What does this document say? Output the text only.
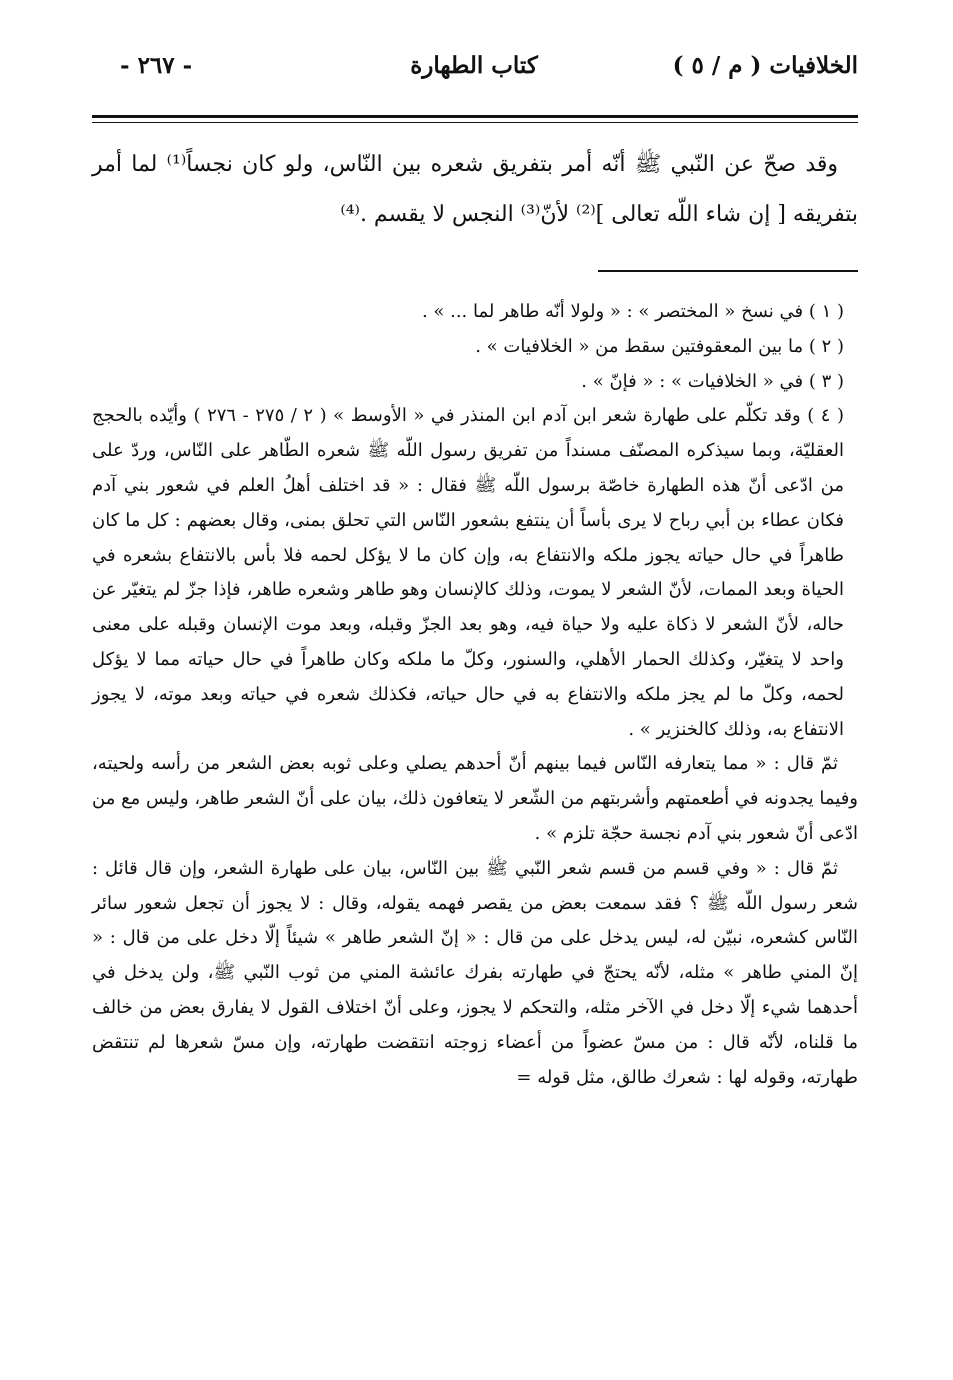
الخلافيات ( م / ٥ )
كتاب الطهارة
- ٢٦٧ -

وقد صحّ عن النّبي ﷺ أنّه أمر بتفريق شعره بين النّاس، ولو كان نجساً⁽¹⁾ لما أمر بتفريقه [ إن شاء اللّه تعالى ]⁽²⁾ لأنّ⁽³⁾ النجس لا يقسم .⁽⁴⁾

( ١ ) في نسخ « المختصر » : « ولولا أنّه طاهر لما ... » .

( ٢ ) ما بين المعقوفتين سقط من « الخلافيات » .

( ٣ ) في « الخلافيات » : « فإنّ » .

( ٤ ) وقد تكلّم على طهارة شعر ابن آدم ابن المنذر في « الأوسط » ( ٢ / ٢٧٥ - ٢٧٦ ) وأيّده بالحجج العقليّة، وبما سيذكره المصنّف مسنداً من تفريق رسول اللّه ﷺ شعره الطّاهر على النّاس، وردّ على من ادّعى أنّ هذه الطهارة خاصّة برسول اللّه ﷺ فقال : « قد اختلف أهلُ العلم في شعور بني آدم فكان عطاء بن أبي رباح لا يرى بأساً أن ينتفع بشعور النّاس التي تحلق بمنى، وقال بعضهم : كل ما كان طاهراً في حال حياته يجوز ملكه والانتفاع به، وإن كان ما لا يؤكل لحمه فلا بأس بالانتفاع بشعره في الحياة وبعد الممات، لأنّ الشعر لا يموت، وذلك كالإنسان وهو طاهر وشعره طاهر، فإذا جزّ لم يتغيّر عن حاله، لأنّ الشعر لا ذكاة عليه ولا حياة فيه، وهو بعد الجزّ وقبله، وبعد موت الإنسان وقبله على معنى واحد لا يتغيّر، وكذلك الحمار الأهلي، والسنور، وكلّ ما ملكه وكان طاهراً في حال حياته مما لا يؤكل لحمه، وكلّ ما لم يجز ملكه والانتفاع به في حال حياته، فكذلك شعره في حياته وبعد موته، لا يجوز الانتفاع به، وذلك كالخنزير » .

ثمّ قال : « مما يتعارفه النّاس فيما بينهم أنّ أحدهم يصلي وعلى ثوبه بعض الشعر من رأسه ولحيته، وفيما يجدونه في أطعمتهم وأشربتهم من الشّعر لا يتعافون ذلك، بيان على أنّ الشعر طاهر، وليس مع من ادّعى أنّ شعور بني آدم نجسة حجّة تلزم » .

ثمّ قال : « وفي قسم من قسم شعر النّبي ﷺ بين النّاس، بيان على طهارة الشعر، وإن قال قائل : شعر رسول اللّه ﷺ ؟ فقد سمعت بعض من يقصر فهمه يقوله، وقال : لا يجوز أن تجعل شعور سائر النّاس كشعره، نبيّن له، ليس يدخل على من قال : « إنّ الشعر طاهر » شيئاً إلّا دخل على من قال : « إنّ المني طاهر » مثله، لأنّه يحتجّ في طهارته بفرك عائشة المني من ثوب النّبي ﷺ، ولن يدخل في أحدهما شيء إلّا دخل في الآخر مثله، والتحكم لا يجوز، وعلى أنّ اختلاف القول لا يفارق بعض من خالف ما قلناه، لأنّه قال : من مسّ عضواً من أعضاء زوجته انتقضت طهارته، وإن مسّ شعرها لم تنتقض طهارته، وقوله لها : شعرك طالق، مثل قوله =
